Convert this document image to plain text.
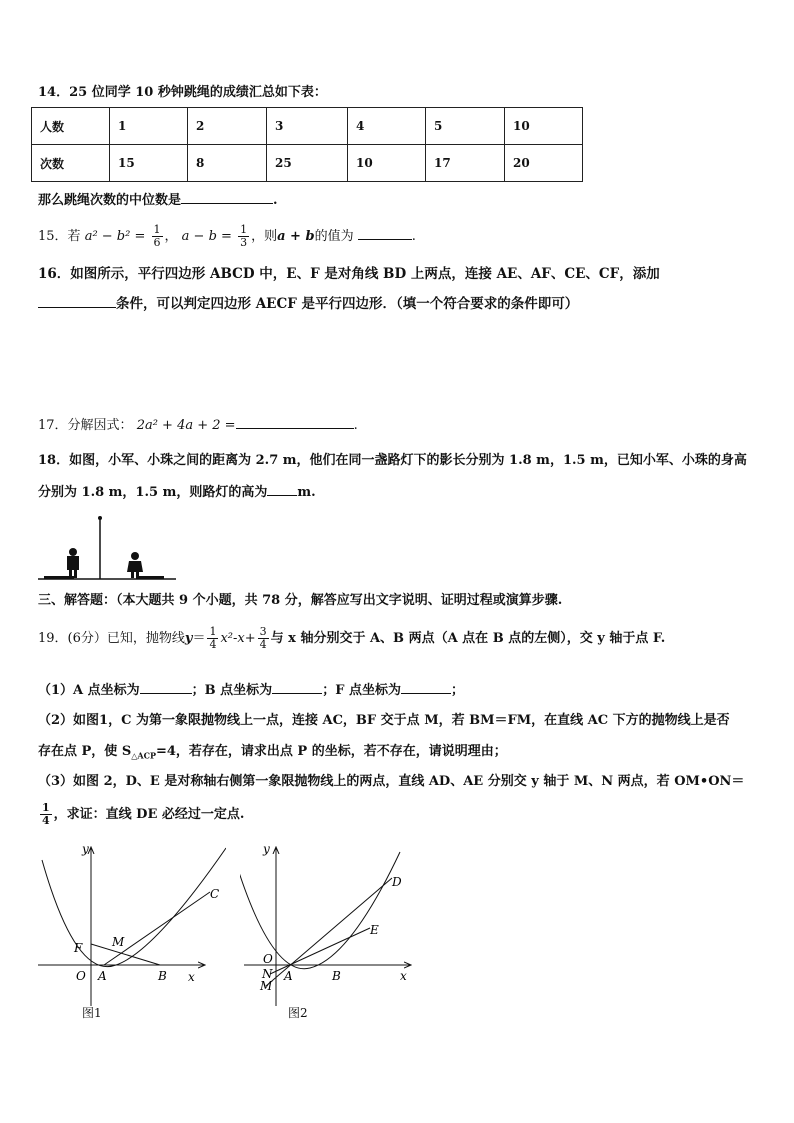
14．25 位同学 10 秒钟跳绳的成绩汇总如下表：
人数	1	2	3	4	5	10
次数	15	8	25	10	17	20
那么跳绳次数的中位数是	.
15．若 $a^2 - b^2 = \frac{1}{6}$ ， $a - b = \frac{1}{3}$ ，则a + b的值为	.
16．如图所示，平行四边形 ABCD 中，E、F 是对角线 BD 上两点，连接 AE、AF、CE、CF，添加
条件，可以判定四边形 AECF 是平行四边形．（填一个符合要求的条件即可）
17．分解因式： 2a² + 4a + 2 =	.
18．如图，小军、小珠之间的距离为 2.7 m，他们在同一盏路灯下的影长分别为 1.8 m，1.5 m，已知小军、小珠的身高
分别为 1.8 m，1.5 m，则路灯的高为 m.
三、解答题：（本大题共 9 个小题，共 78 分，解答应写出文字说明、证明过程或演算步骤.
19．(6分）已知，抛物线$y= \frac{1}{4} x^2-x+ \frac{3}{4}$ 与 x 轴分别交于 A、B 两点（A 点在 B 点的左侧），交 y 轴于点 F.
（1）A 点坐标为	；B 点坐标为	；F 点坐标为	；
（2）如图1，C 为第一象限抛物线上一点，连接 AC，BF 交于点 M，若 BM＝FM，在直线 AC 下方的抛物线上是否
存在点 P，使 $S_{\triangle ACP}=4$，若存在，请求出点 P 的坐标，若不存在，请说明理由；
（3）如图 2，D、E 是对称轴右侧第一象限抛物线上的两点，直线 AD、AE 分别交 y 轴于 M、N 两点，若 OM•ON＝
$\frac{1}{4}$ ，求证：直线 DE 必经过一定点.
y
x
O A	B
C
F M
图1
y
x
O
A	B
D
E
N
M
图2
